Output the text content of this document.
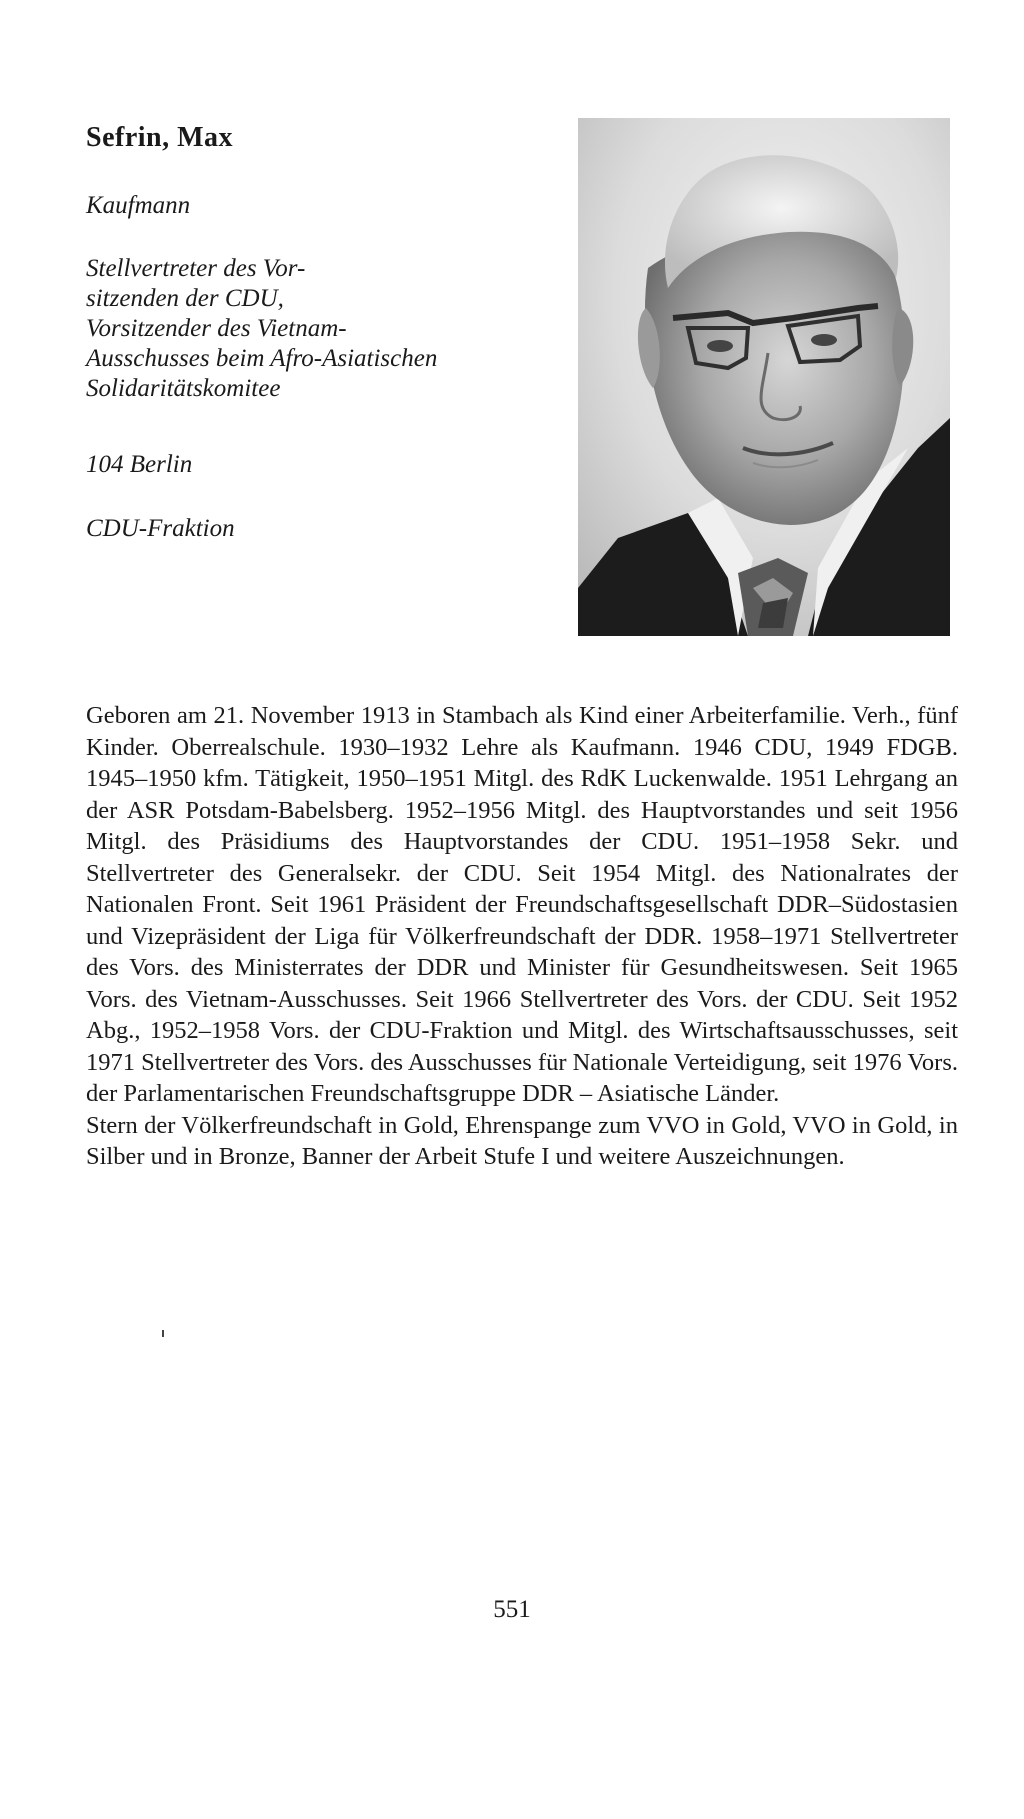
Sefrin, Max
Kaufmann
Stellvertreter des Vor-
sitzenden der CDU,
Vorsitzender des Vietnam-
Ausschusses beim Afro-Asiatischen
Solidaritätskomitee
104 Berlin
CDU-Fraktion

Geboren am 21. November 1913 in Stambach als Kind einer Arbeiterfamilie. Verh., fünf Kinder. Oberrealschule. 1930–1932 Lehre als Kaufmann. 1946 CDU, 1949 FDGB. 1945–1950 kfm. Tätigkeit, 1950–1951 Mitgl. des RdK Luckenwalde. 1951 Lehrgang an der ASR Potsdam-Babelsberg. 1952–1956 Mitgl. des Hauptvorstandes und seit 1956 Mitgl. des Präsidiums des Hauptvorstandes der CDU. 1951–1958 Sekr. und Stellvertreter des Generalsekr. der CDU. Seit 1954 Mitgl. des Nationalrates der Nationalen Front. Seit 1961 Präsident der Freundschaftsgesellschaft DDR–Südostasien und Vizepräsident der Liga für Völkerfreundschaft der DDR. 1958–1971 Stellvertreter des Vors. des Ministerrates der DDR und Minister für Gesundheitswesen. Seit 1965 Vors. des Vietnam-Ausschusses. Seit 1966 Stellvertreter des Vors. der CDU. Seit 1952 Abg., 1952–1958 Vors. der CDU-Fraktion und Mitgl. des Wirtschaftsausschusses, seit 1971 Stellvertreter des Vors. des Ausschusses für Nationale Verteidigung, seit 1976 Vors. der Parlamentarischen Freundschaftsgruppe DDR – Asiatische Länder.

Stern der Völkerfreundschaft in Gold, Ehrenspange zum VVO in Gold, VVO in Gold, in Silber und in Bronze, Banner der Arbeit Stufe I und weitere Auszeichnungen.

551
